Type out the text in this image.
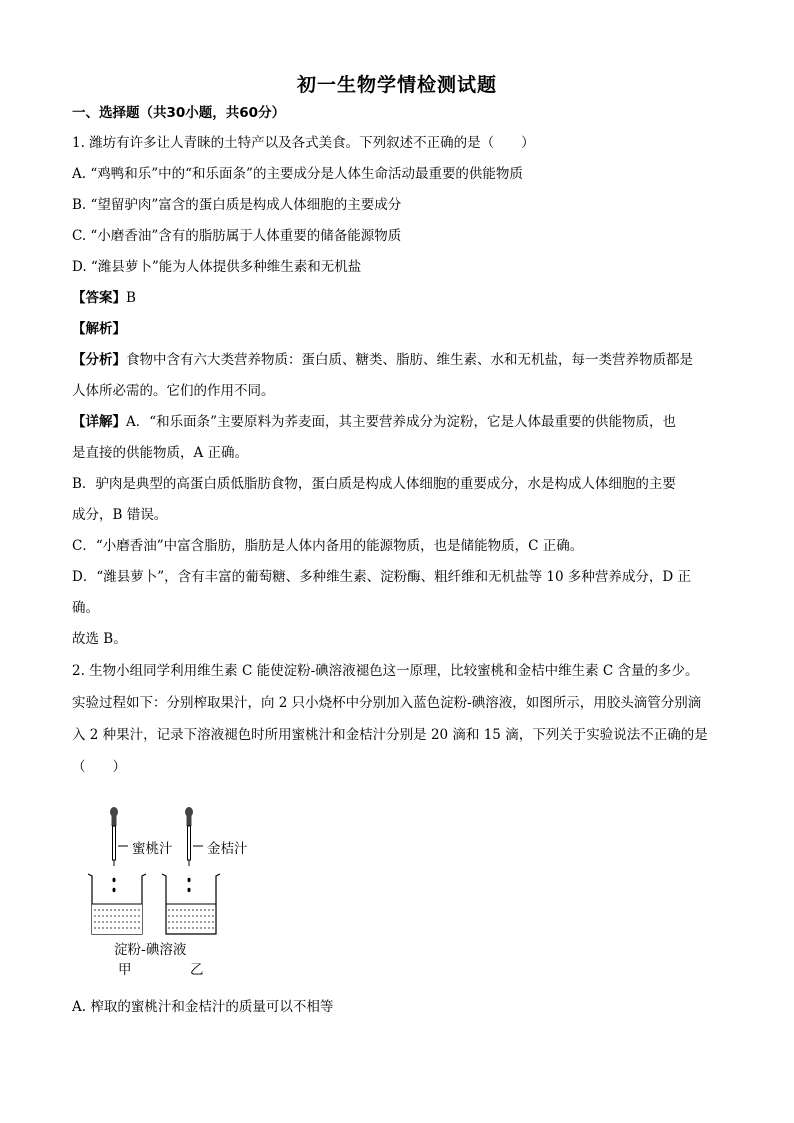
初一生物学情检测试题
一、选择题（共30小题，共60分）
1. 潍坊有许多让人青睐的土特产以及各式美食。下列叙述不正确的是（　　）
A. “鸡鸭和乐”中的“和乐面条”的主要成分是人体生命活动最重要的供能物质
B. “望留驴肉”富含的蛋白质是构成人体细胞的主要成分
C. “小磨香油”含有的脂肪属于人体重要的储备能源物质
D. “潍县萝卜”能为人体提供多种维生素和无机盐
【答案】B
【解析】
【分析】食物中含有六大类营养物质：蛋白质、糖类、脂肪、维生素、水和无机盐，每一类营养物质都是
人体所必需的。它们的作用不同。
【详解】A．“和乐面条”主要原料为荞麦面，其主要营养成分为淀粉，它是人体最重要的供能物质，也
是直接的供能物质，A 正确。
B．驴肉是典型的高蛋白质低脂肪食物，蛋白质是构成人体细胞的重要成分，水是构成人体细胞的主要
成分，B 错误。
C．“小磨香油”中富含脂肪，脂肪是人体内备用的能源物质，也是储能物质，C 正确。
D．“潍县萝卜”，含有丰富的葡萄糖、多种维生素、淀粉酶、粗纤维和无机盐等 10 多种营养成分，D 正
确。
故选 B。
2. 生物小组同学利用维生素 C 能使淀粉-碘溶液褪色这一原理，比较蜜桃和金桔中维生素 C 含量的多少。
实验过程如下：分别榨取果汁，向 2 只小烧杯中分别加入蓝色淀粉-碘溶液，如图所示，用胶头滴管分别滴
入 2 种果汁，记录下溶液褪色时所用蜜桃汁和金桔汁分别是 20 滴和 15 滴，下列关于实验说法不正确的是
（　　）
蜜桃汁	金桔汁
淀粉-碘溶液
甲	乙
A. 榨取的蜜桃汁和金桔汁的质量可以不相等
